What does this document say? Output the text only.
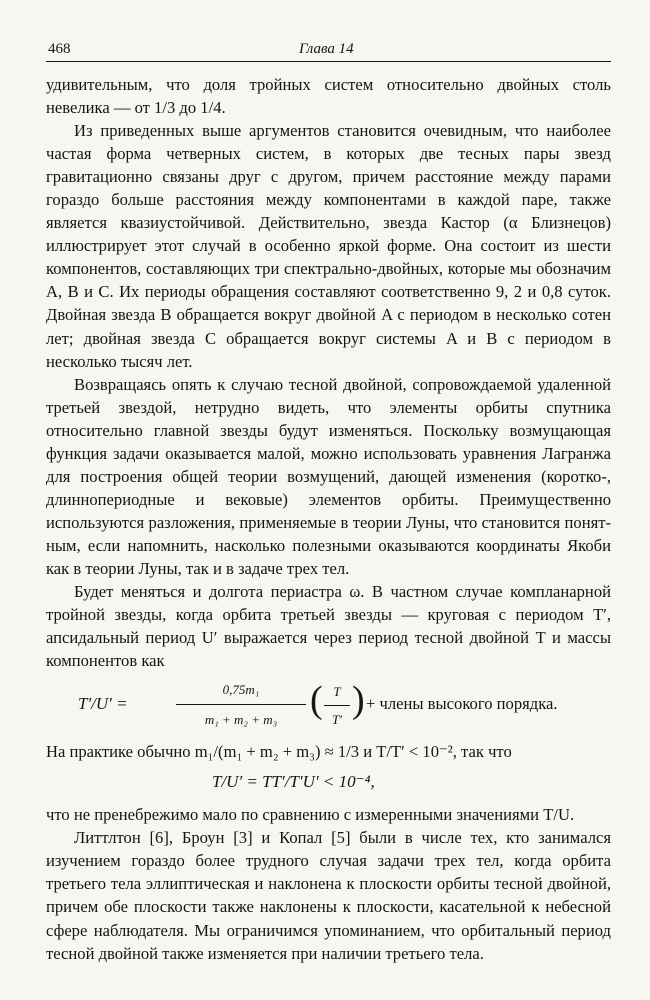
468	Глава 14

удивительным, что доля тройных систем относительно двойных столь невелика — от 1/3 до 1/4.

Из приведенных выше аргументов становится очевидным, что наиболее частая форма четверных систем, в которых две тесных пары звезд гравитационно связаны друг с другом, причем расстояние между парами гораздо больше расстояния между компонентами в каждой паре, также является квазиустойчивой. Действительно, звезда Кастор (α Близнецов) иллюстрирует этот случай в особенно яркой форме. Она состоит из шести компонентов, составляющих три спектрально-двойных, которые мы обозначим A, B и C. Их периоды обращения составляют соответственно 9, 2 и 0,8 суток. Двойная звезда B обращается вокруг двойной A с периодом в несколько сотен лет; двойная звезда C обращается вокруг системы A и B с периодом в несколько тысяч лет.

Возвращаясь опять к случаю тесной двойной, сопровождаемой удаленной третьей звездой, нетрудно видеть, что элементы орбиты спутника относительно главной звезды будут изменяться. Поскольку возмущающая функция задачи оказывается малой, можно использовать уравнения Лагранжа для построения общей теории возмущений, дающей изменения (коротко-, длиннопериодные и вековые) элементов орбиты. Преимущественно используются разложения, применяемые в теории Луны, что становится понятным, если напомнить, насколько полезными оказываются координаты Якоби как в теории Луны, так и в задаче трех тел.

Будет меняться и долгота периастра ω. В частном случае компланарной тройной звезды, когда орбита третьей звезды — круговая с периодом T′, апсидальный период U′ выражается через период тесной двойной T и массы компонентов как

T′/U′ =	$\frac{\text{0,75m₁}}{\text{m₁ + m₂ + m₃}}$ ( $\frac{T}{T'}$ ) + члены высокого порядка.

На практике обычно m₁/(m₁ + m₂ + m₃) ≈ 1/3 и T/T′ < 10⁻², так что

T/U′ = TT′/T′U′ < 10⁻⁴,

что не пренебрежимо мало по сравнению с измеренными значениями T/U.

Литтлтон [6], Броун [3] и Копал [5] были в числе тех, кто занимался изучением гораздо более трудного случая задачи трех тел, когда орбита третьего тела эллиптическая и наклонена к плоскости орбиты тесной двойной, причем обе плоскости также наклонены к плоскости, касательной к небесной сфере наблюдателя. Мы ограничимся упоминанием, что орбитальный период тесной двойной также изменяется при наличии третьего тела.
